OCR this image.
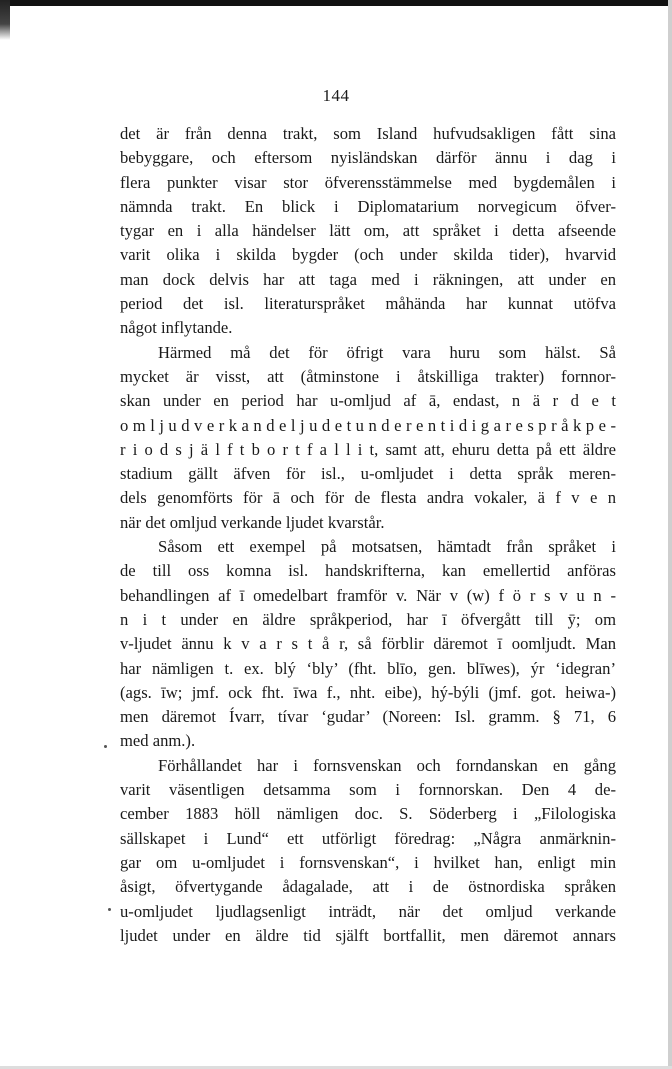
144
det är från denna trakt, som Island hufvudsakligen fått sina
bebyggare, och eftersom nyisländskan därför ännu i dag i
flera punkter visar stor öfverensstämmelse med bygdemålen i
nämnda trakt. En blick i Diplomatarium norvegicum öfver-
tygar en i alla händelser lätt om, att språket i detta afseende
varit olika i skilda bygder (och under skilda tider), hvarvid
man dock delvis har att taga med i räkningen, att under en
period det isl. literaturspråket måhända har kunnat utöfva
något inflytande.
Härmed må det för öfrigt vara huru som hälst. Så
mycket är visst, att (åtminstone i åtskilliga trakter) fornnor-
skan under en period har u-omljud af ā, endast, n ä r d e t
o m l j u d v e r k a n d e l j u d e t u n d e r e n t i d i g a r e s p r å k p e -
r i o d s j ä l f t b o r t f a l l i t, samt att, ehuru detta på ett äldre
stadium gällt äfven för isl., u-omljudet i detta språk meren-
dels genomförts för ā och för de flesta andra vokaler, ä f v e n
när det omljud verkande ljudet kvarstår.
Såsom ett exempel på motsatsen, hämtadt från språket i
de till oss komna isl. handskrifterna, kan emellertid anföras
behandlingen af ī omedelbart framför v. När v (w) f ö r s v u n -
n i t under en äldre språkperiod, har ī öfvergått till ȳ; om
v-ljudet ännu k v a r s t å r, så förblir däremot ī oomljudt. Man
har nämligen t. ex. blý ‘bly’ (fht. blīo, gen. blīwes), ýr ‘idegran’
(ags. īw; jmf. ock fht. īwa f., nht. eibe), hý-býli (jmf. got. heiwa-)
men däremot Ívarr, tívar ‘gudar’ (Noreen: Isl. gramm. § 71, 6
med anm.).
Förhållandet har i fornsvenskan och forndanskan en gång
varit väsentligen detsamma som i fornnorskan. Den 4 de-
cember 1883 höll nämligen doc. S. Söderberg i „Filologiska
sällskapet i Lund“ ett utförligt föredrag: „Några anmärknin-
gar om u-omljudet i fornsvenskan“, i hvilket han, enligt min
åsigt, öfvertygande ådagalade, att i de östnordiska språken
u-omljudet ljudlagsenligt inträdt, när det omljud verkande
ljudet under en äldre tid själft bortfallit, men däremot annars
